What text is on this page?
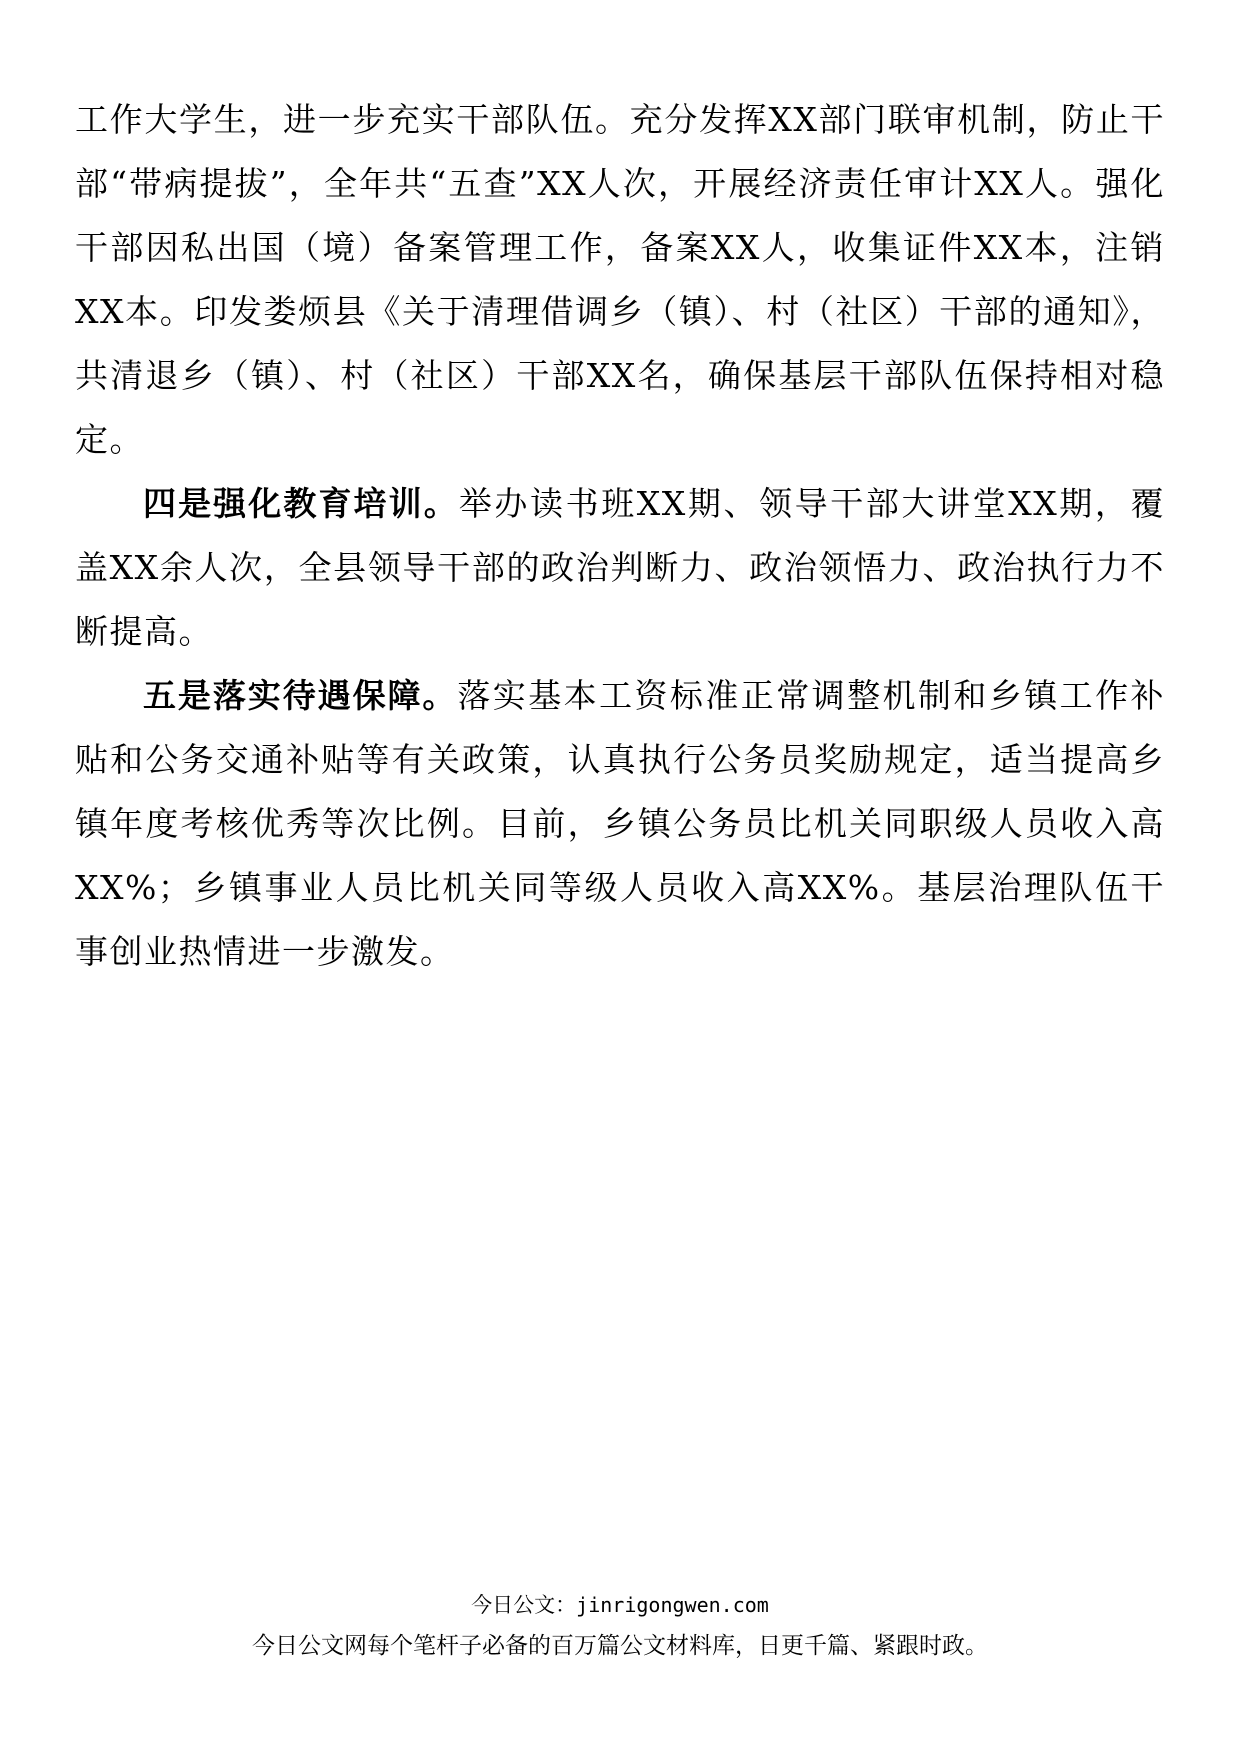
工作大学生，进一步充实干部队伍。充分发挥XX部门联审机制，防止干部“带病提拔”，全年共“五查”XX人次，开展经济责任审计XX人。强化干部因私出国（境）备案管理工作，备案XX人，收集证件XX本，注销XX本。印发娄烦县《关于清理借调乡（镇）、村（社区）干部的通知》，共清退乡（镇）、村（社区）干部XX名，确保基层干部队伍保持相对稳定。

四是强化教育培训。举办读书班XX期、领导干部大讲堂XX期，覆盖XX余人次，全县领导干部的政治判断力、政治领悟力、政治执行力不断提高。

五是落实待遇保障。落实基本工资标准正常调整机制和乡镇工作补贴和公务交通补贴等有关政策，认真执行公务员奖励规定，适当提高乡镇年度考核优秀等次比例。目前，乡镇公务员比机关同职级人员收入高XX%；乡镇事业人员比机关同等级人员收入高XX%。基层治理队伍干事创业热情进一步激发。

今日公文：jinrigongwen.com
今日公文网每个笔杆子必备的百万篇公文材料库，日更千篇、紧跟时政。
